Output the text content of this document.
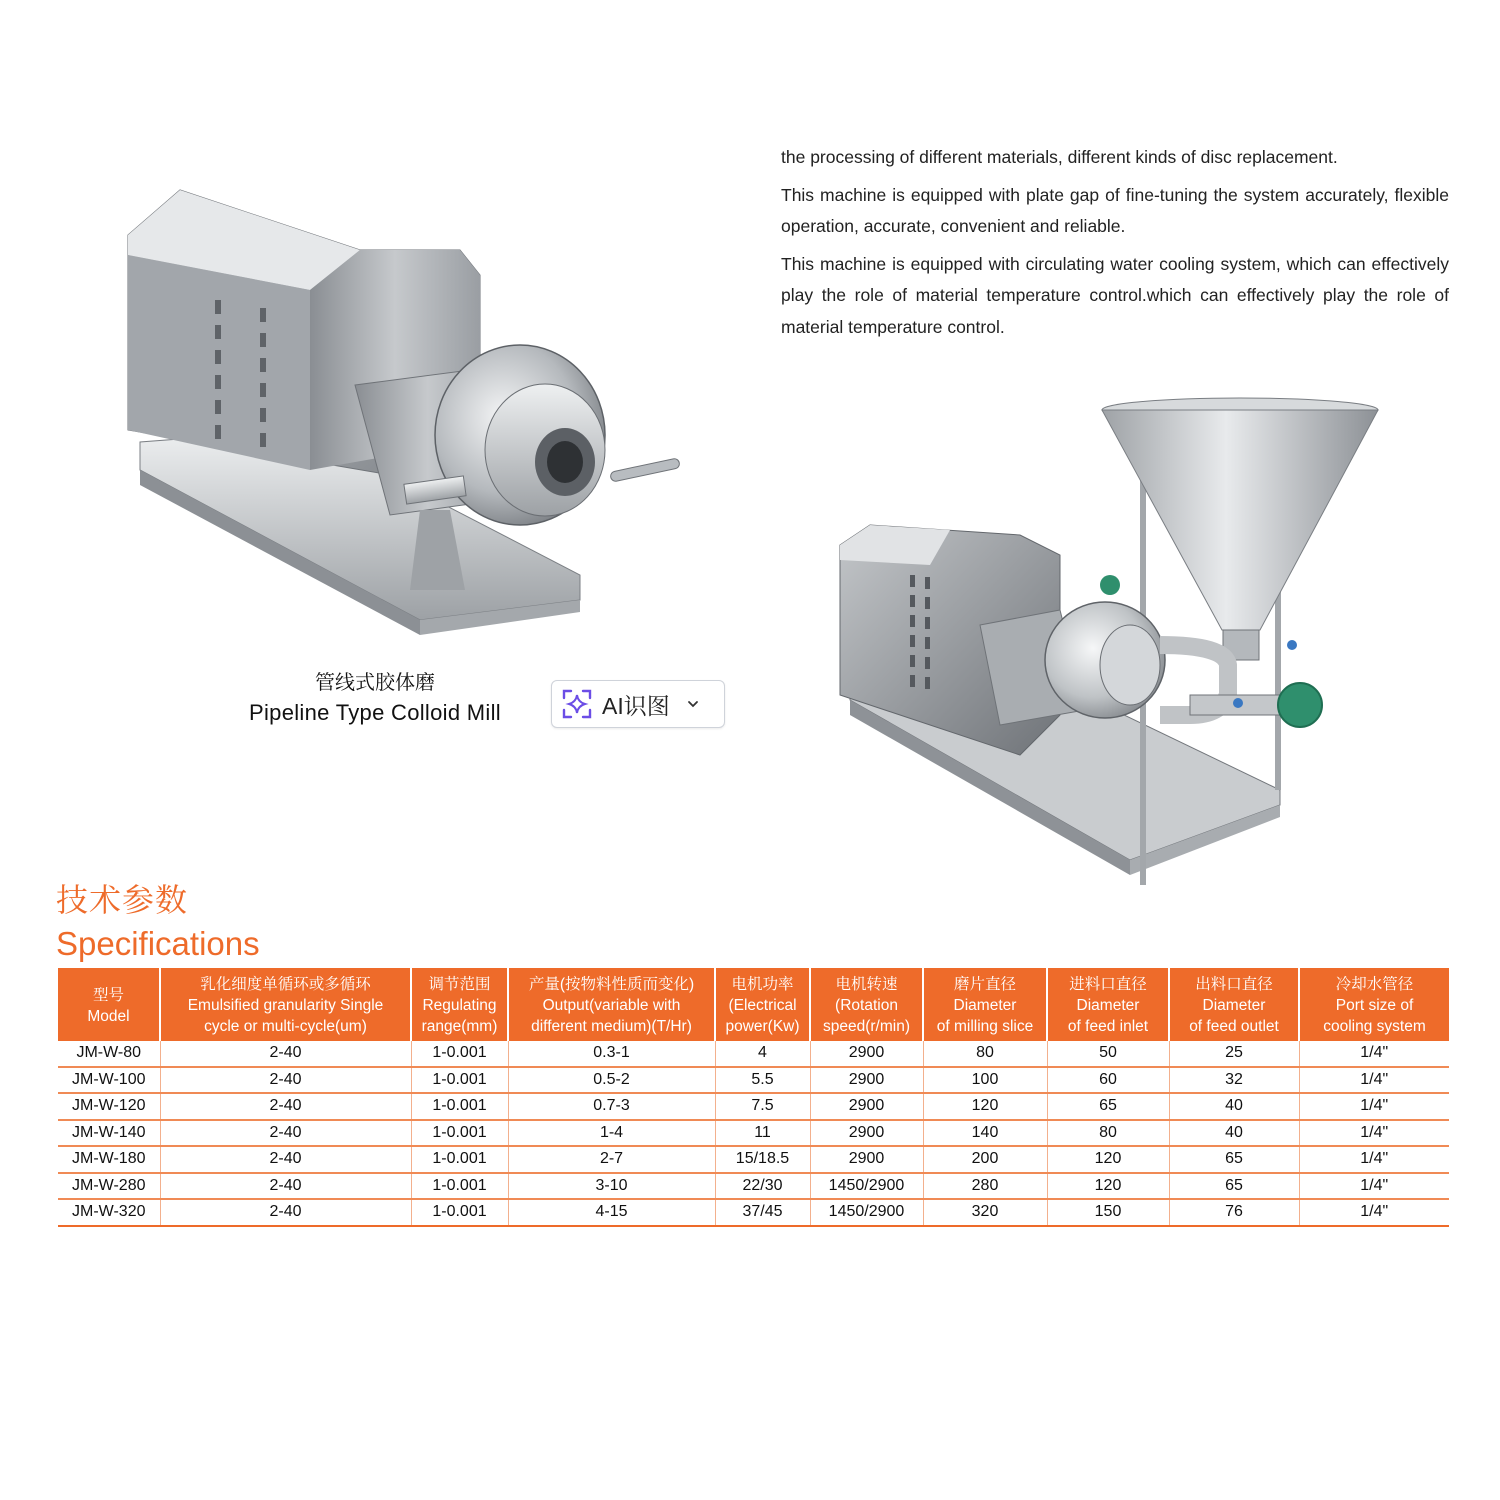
the processing of different materials, different kinds of disc replacement.

This machine is equipped with plate gap of fine-tuning the system accurately, flexible operation, accurate, convenient and reliable.

This machine is equipped with circulating water cooling system, which can effectively play the role of material temperature control.which can effectively play the role of material temperature control.

管线式胶体磨
Pipeline Type Colloid Mill	AI识图
技术参数
Specifications
型号
Model	乳化细度单循环或多循环
Emulsified granularity Single
cycle or multi-cycle(um)	调节范围
Regulating
range(mm)	产量(按物料性质而变化)
Output(variable with
different medium)(T/Hr)	电机功率
(Electrical
power(Kw)	电机转速
(Rotation
speed(r/min)	磨片直径
Diameter
of milling slice	进料口直径
Diameter
of feed inlet	出料口直径
Diameter
of feed outlet	冷却水管径
Port size of
cooling system

JM-W-80	2-40	1-0.001	0.3-1	4	2900	80	50	25	1/4"
JM-W-100	2-40	1-0.001	0.5-2	5.5	2900	100	60	32	1/4"
JM-W-120	2-40	1-0.001	0.7-3	7.5	2900	120	65	40	1/4"
JM-W-140	2-40	1-0.001	1-4	11	2900	140	80	40	1/4"
JM-W-180	2-40	1-0.001	2-7	15/18.5	2900	200	120	65	1/4"
JM-W-280	2-40	1-0.001	3-10	22/30	1450/2900	280	120	65	1/4"
JM-W-320	2-40	1-0.001	4-15	37/45	1450/2900	320	150	76	1/4"
